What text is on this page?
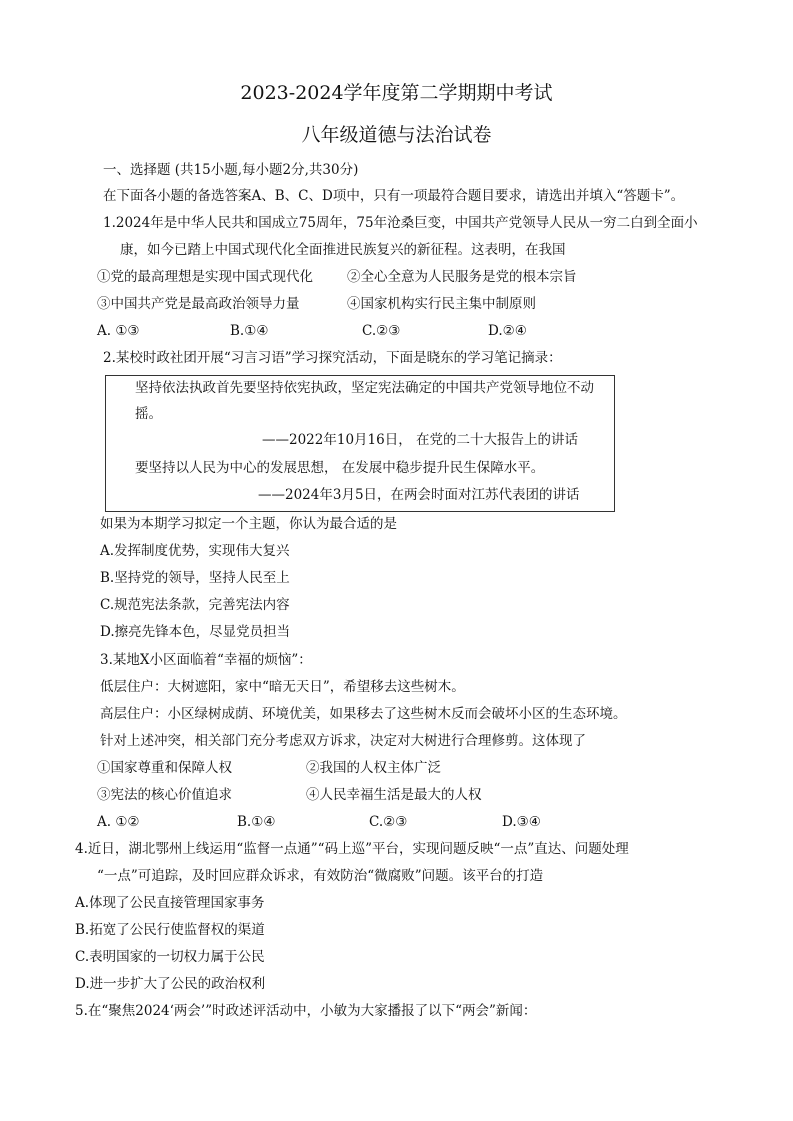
2023-2024学年度第二学期期中考试
八年级道德与法治试卷
一、选择题 (共15小题,每小题2分,共30分)
在下面各小题的备选答案A、B、C、D项中，只有一项最符合题目要求，请选出并填入“答题卡”。
1.2024年是中华人民共和国成立75周年，75年沧桑巨变，中国共产党领导人民从一穷二白到全面小
康，如今已踏上中国式现代化全面推进民族复兴的新征程。这表明，在我国
①党的最高理想是实现中国式现代化	②全心全意为人民服务是党的根本宗旨
③中国共产党是最高政治领导力量	④国家机构实行民主集中制原则
A. ①③	B.①④	C.②③	D.②④
2.某校时政社团开展“习言习语”学习探究活动，下面是晓东的学习笔记摘录：
坚持依法执政首先要坚持依宪执政，坚定宪法确定的中国共产党领导地位不动
摇。
——2022年10月16日， 在党的二十大报告上的讲话
要坚持以人民为中心的发展思想， 在发展中稳步提升民生保障水平。
——2024年3月5日，在两会时面对江苏代表团的讲话
如果为本期学习拟定一个主题，你认为最合适的是
A.发挥制度优势，实现伟大复兴
B.坚持党的领导，坚持人民至上
C.规范宪法条款，完善宪法内容
D.擦亮先锋本色，尽显党员担当
3.某地X小区面临着“幸福的烦恼”：
低层住户：大树遮阳，家中“暗无天日”，希望移去这些树木。
高层住户：小区绿树成荫、环境优美，如果移去了这些树木反而会破坏小区的生态环境。
针对上述冲突，相关部门充分考虑双方诉求，决定对大树进行合理修剪。这体现了
①国家尊重和保障人权	②我国的人权主体广泛
③宪法的核心价值追求	④人民幸福生活是最大的人权
A. ①②	B.①④	C.②③	D.③④
4.近日，湖北鄂州上线运用“监督一点通”“码上巡”平台，实现问题反映“一点”直达、问题处理
“一点”可追踪，及时回应群众诉求，有效防治“微腐败”问题。该平台的打造
A.体现了公民直接管理国家事务
B.拓宽了公民行使监督权的渠道
C.表明国家的一切权力属于公民
D.进一步扩大了公民的政治权利
5.在“聚焦2024‘两会’”时政述评活动中，小敏为大家播报了以下“两会”新闻：
